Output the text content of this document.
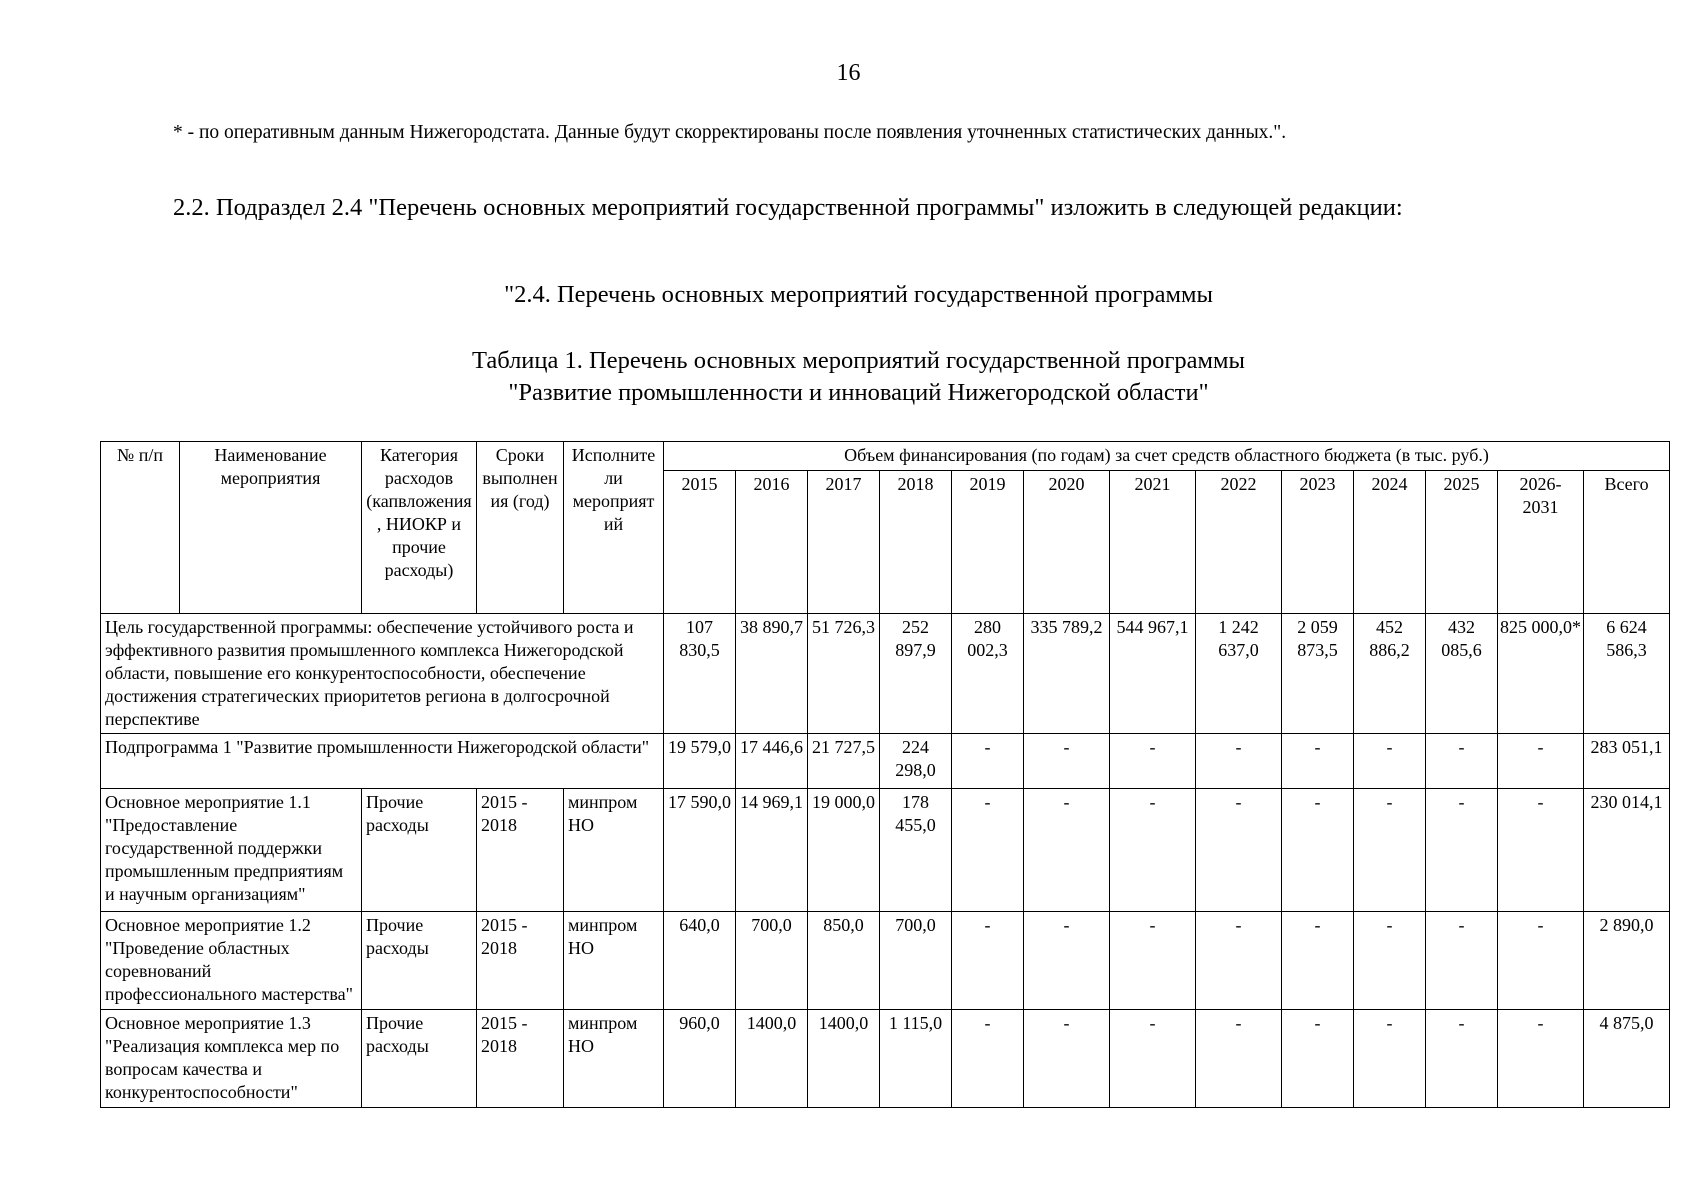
16
* - по оперативным данным Нижегородстата. Данные будут скорректированы после появления уточненных статистических данных.".
2.2. Подраздел 2.4 "Перечень основных мероприятий государственной программы" изложить в следующей редакции:
"2.4. Перечень основных мероприятий государственной программы
Таблица 1. Перечень основных мероприятий государственной программы
"Развитие промышленности и инноваций Нижегородской области"
№ п/п	Наименование мероприятия	Категория расходов (капвложения, НИОКР и прочие расходы)	Сроки выполнения (год)	Исполнители мероприятий	Объем финансирования (по годам) за счет средств областного бюджета (в тыс. руб.)												
					2015	2016	2017	2018	2019	2020	2021	2022	2023	2024	2025	2026-2031	Всего
Цель государственной программы: обеспечение устойчивого роста и эффективного развития промышленного комплекса Нижегородской области, повышение его конкурентоспособности, обеспечение достижения стратегических приоритетов региона в долгосрочной перспективе					107 830,5	38 890,7	51 726,3	252 897,9	280 002,3	335 789,2	544 967,1	1 242 637,0	2 059 873,5	452 886,2	432 085,6	825 000,0*	6 624 586,3
Подпрограмма 1 "Развитие промышленности Нижегородской области"					19 579,0	17 446,6	21 727,5	224 298,0	-	-	-	-	-	-	-	-	283 051,1
Основное мероприятие 1.1 "Предоставление государственной поддержки промышленным предприятиям и научным организациям"		Прочие расходы	2015 - 2018	минпром НО	17 590,0	14 969,1	19 000,0	178 455,0	-	-	-	-	-	-	-	-	230 014,1
Основное мероприятие 1.2 "Проведение областных соревнований профессионального мастерства"		Прочие расходы	2015 - 2018	минпром НО	640,0	700,0	850,0	700,0	-	-	-	-	-	-	-	-	2 890,0
Основное мероприятие 1.3 "Реализация комплекса мер по вопросам качества и конкурентоспособности"		Прочие расходы	2015 - 2018	минпром НО	960,0	1400,0	1400,0	1 115,0	-	-	-	-	-	-	-	-	4 875,0
